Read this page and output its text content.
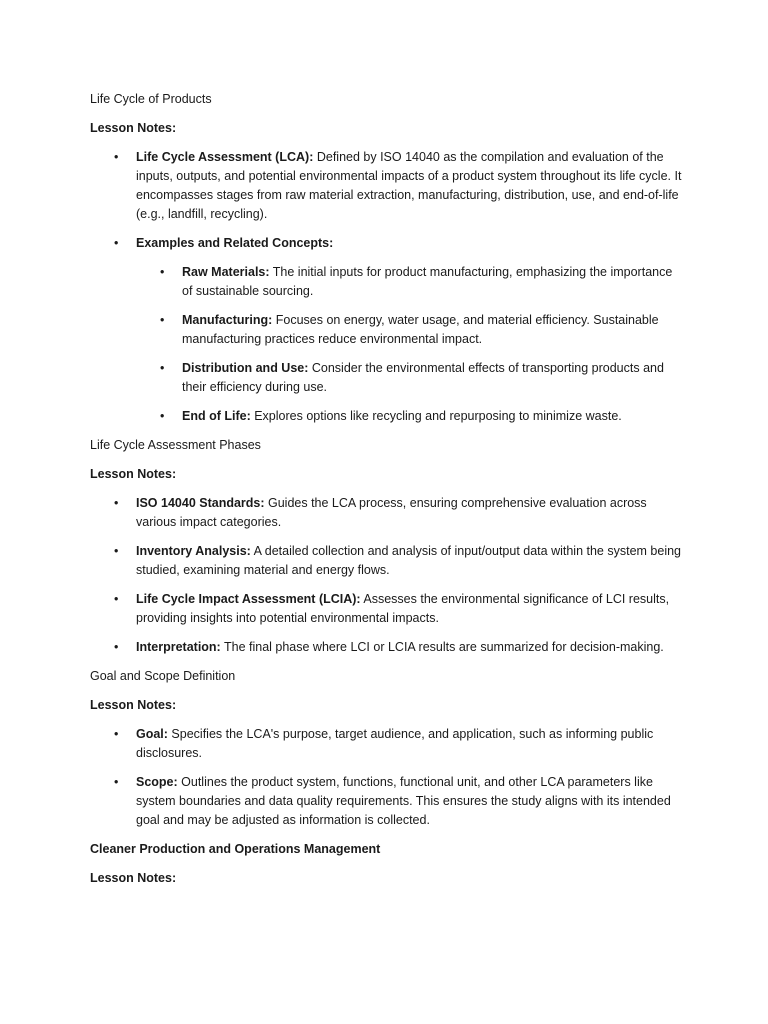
Life Cycle of Products

Lesson Notes:

• Life Cycle Assessment (LCA): Defined by ISO 14040 as the compilation and evaluation of the inputs, outputs, and potential environmental impacts of a product system throughout its life cycle. It encompasses stages from raw material extraction, manufacturing, distribution, use, and end-of-life (e.g., landfill, recycling).
• Examples and Related Concepts:
• Raw Materials: The initial inputs for product manufacturing, emphasizing the importance of sustainable sourcing.
• Manufacturing: Focuses on energy, water usage, and material efficiency. Sustainable manufacturing practices reduce environmental impact.
• Distribution and Use: Consider the environmental effects of transporting products and their efficiency during use.
• End of Life: Explores options like recycling and repurposing to minimize waste.

Life Cycle Assessment Phases

Lesson Notes:

• ISO 14040 Standards: Guides the LCA process, ensuring comprehensive evaluation across various impact categories.
• Inventory Analysis: A detailed collection and analysis of input/output data within the system being studied, examining material and energy flows.
• Life Cycle Impact Assessment (LCIA): Assesses the environmental significance of LCI results, providing insights into potential environmental impacts.
• Interpretation: The final phase where LCI or LCIA results are summarized for decision-making.

Goal and Scope Definition

Lesson Notes:

• Goal: Specifies the LCA's purpose, target audience, and application, such as informing public disclosures.
• Scope: Outlines the product system, functions, functional unit, and other LCA parameters like system boundaries and data quality requirements. This ensures the study aligns with its intended goal and may be adjusted as information is collected.

Cleaner Production and Operations Management

Lesson Notes:
